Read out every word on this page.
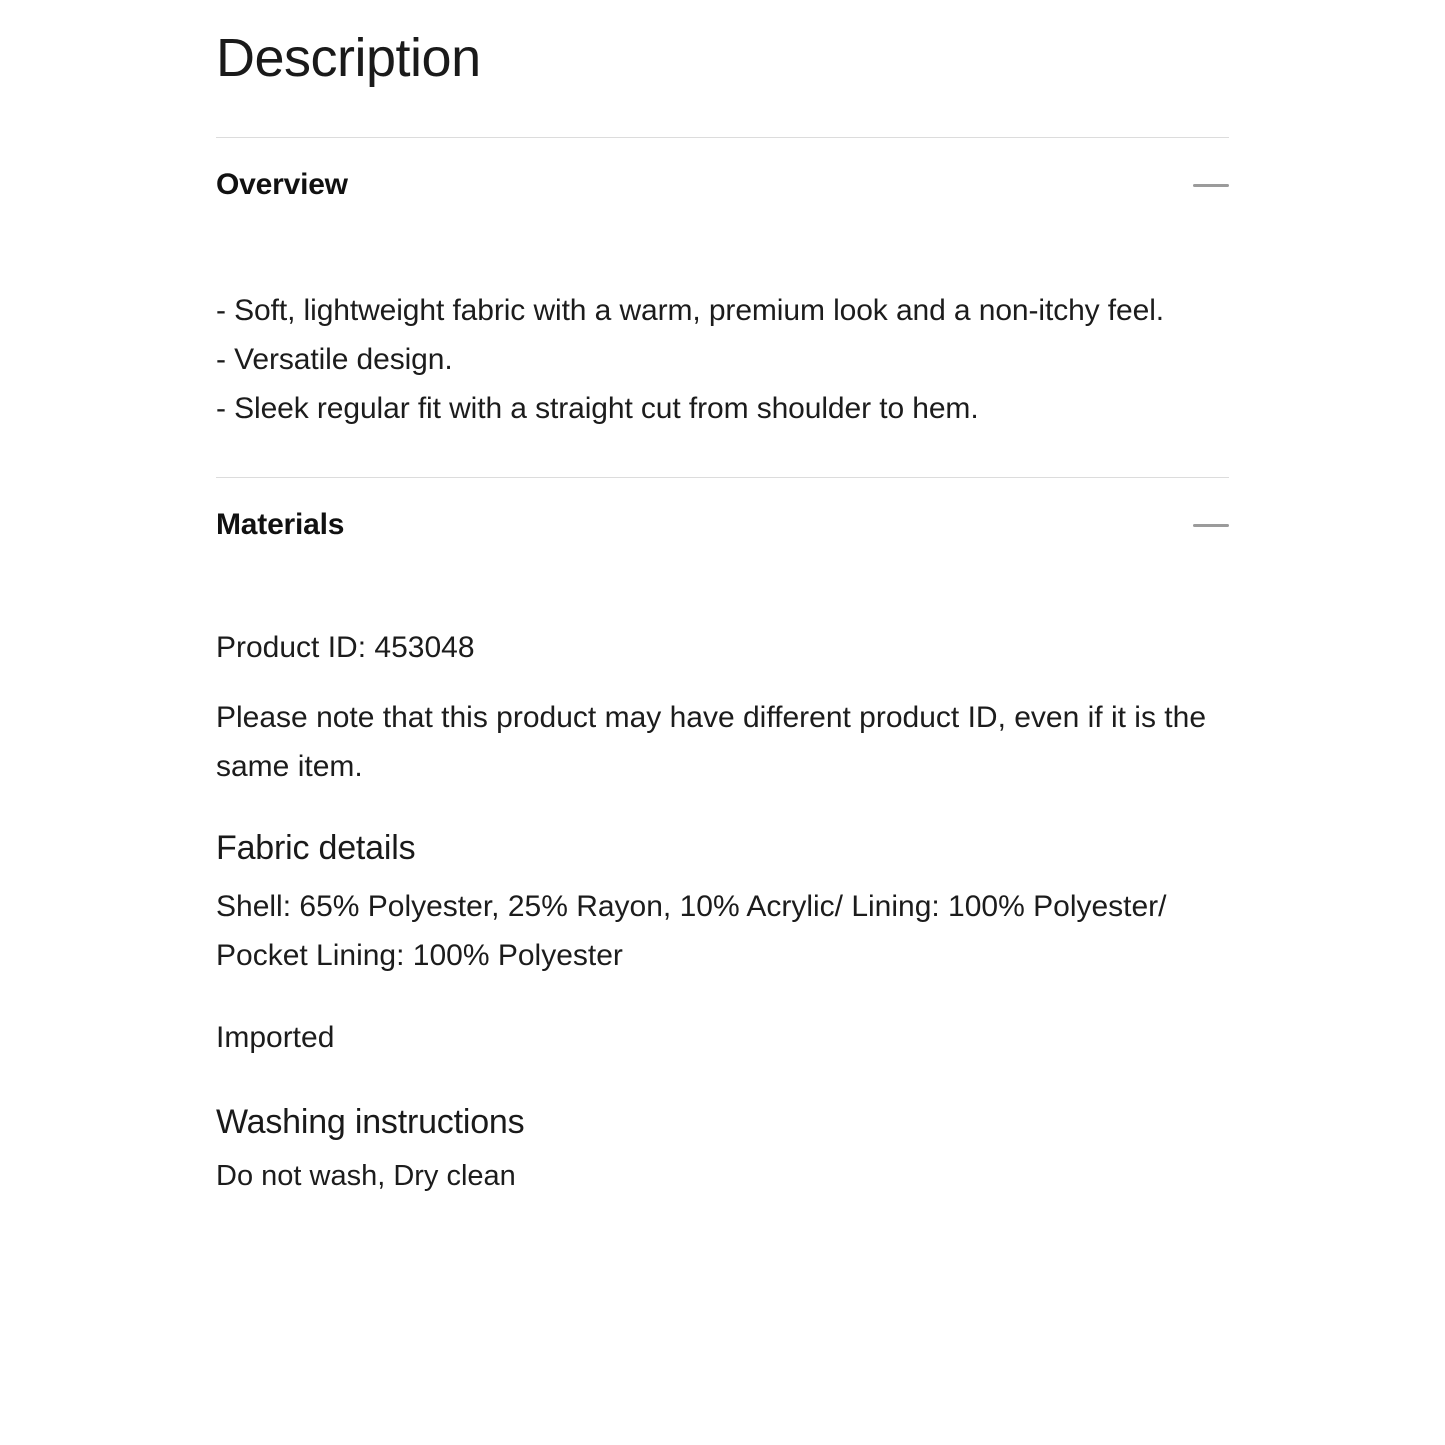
Description
Overview
- Soft, lightweight fabric with a warm, premium look and a non-itchy feel.
- Versatile design.
- Sleek regular fit with a straight cut from shoulder to hem.
Materials

Product ID: 453048

Please note that this product may have different product ID, even if it is the same item.

Fabric details

Shell: 65% Polyester, 25% Rayon, 10% Acrylic/ Lining: 100% Polyester/ Pocket Lining: 100% Polyester

Imported

Washing instructions

Do not wash, Dry clean
